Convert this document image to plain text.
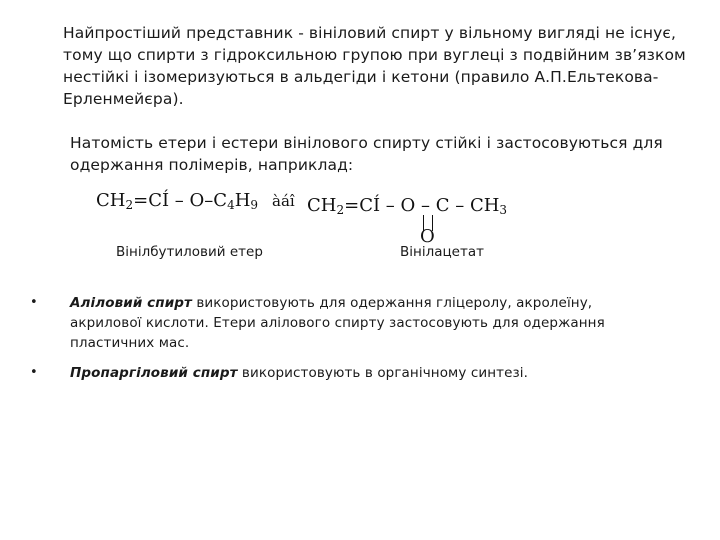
Найпростіший представник - вініловий спирт у вільному вигляді не існує, тому що спирти з гідроксильною групою при вуглеці з подвійним зв’язком нестійкі і ізомеризуються в альдегіди і кетони (правило А.П.Ельтекова-Ерленмейєра).

Натомість етери і естери вінілового спирту стійкі і застосовуються для одержання полімерів, наприклад:

$CH_2=CÍ - O-C_4H_9$ àáî $CH_2=CÍ - O - C - CH_3$
O
Вінілбутиловий етер	Вінілацетат
• Аліловий спирт використовують для одержання гліцеролу, акролеїну, акрилової кислоти. Етери алілового спирту застосовують для одержання пластичних мас.

• Пропаргіловий спирт використовують в органічному синтезі.
